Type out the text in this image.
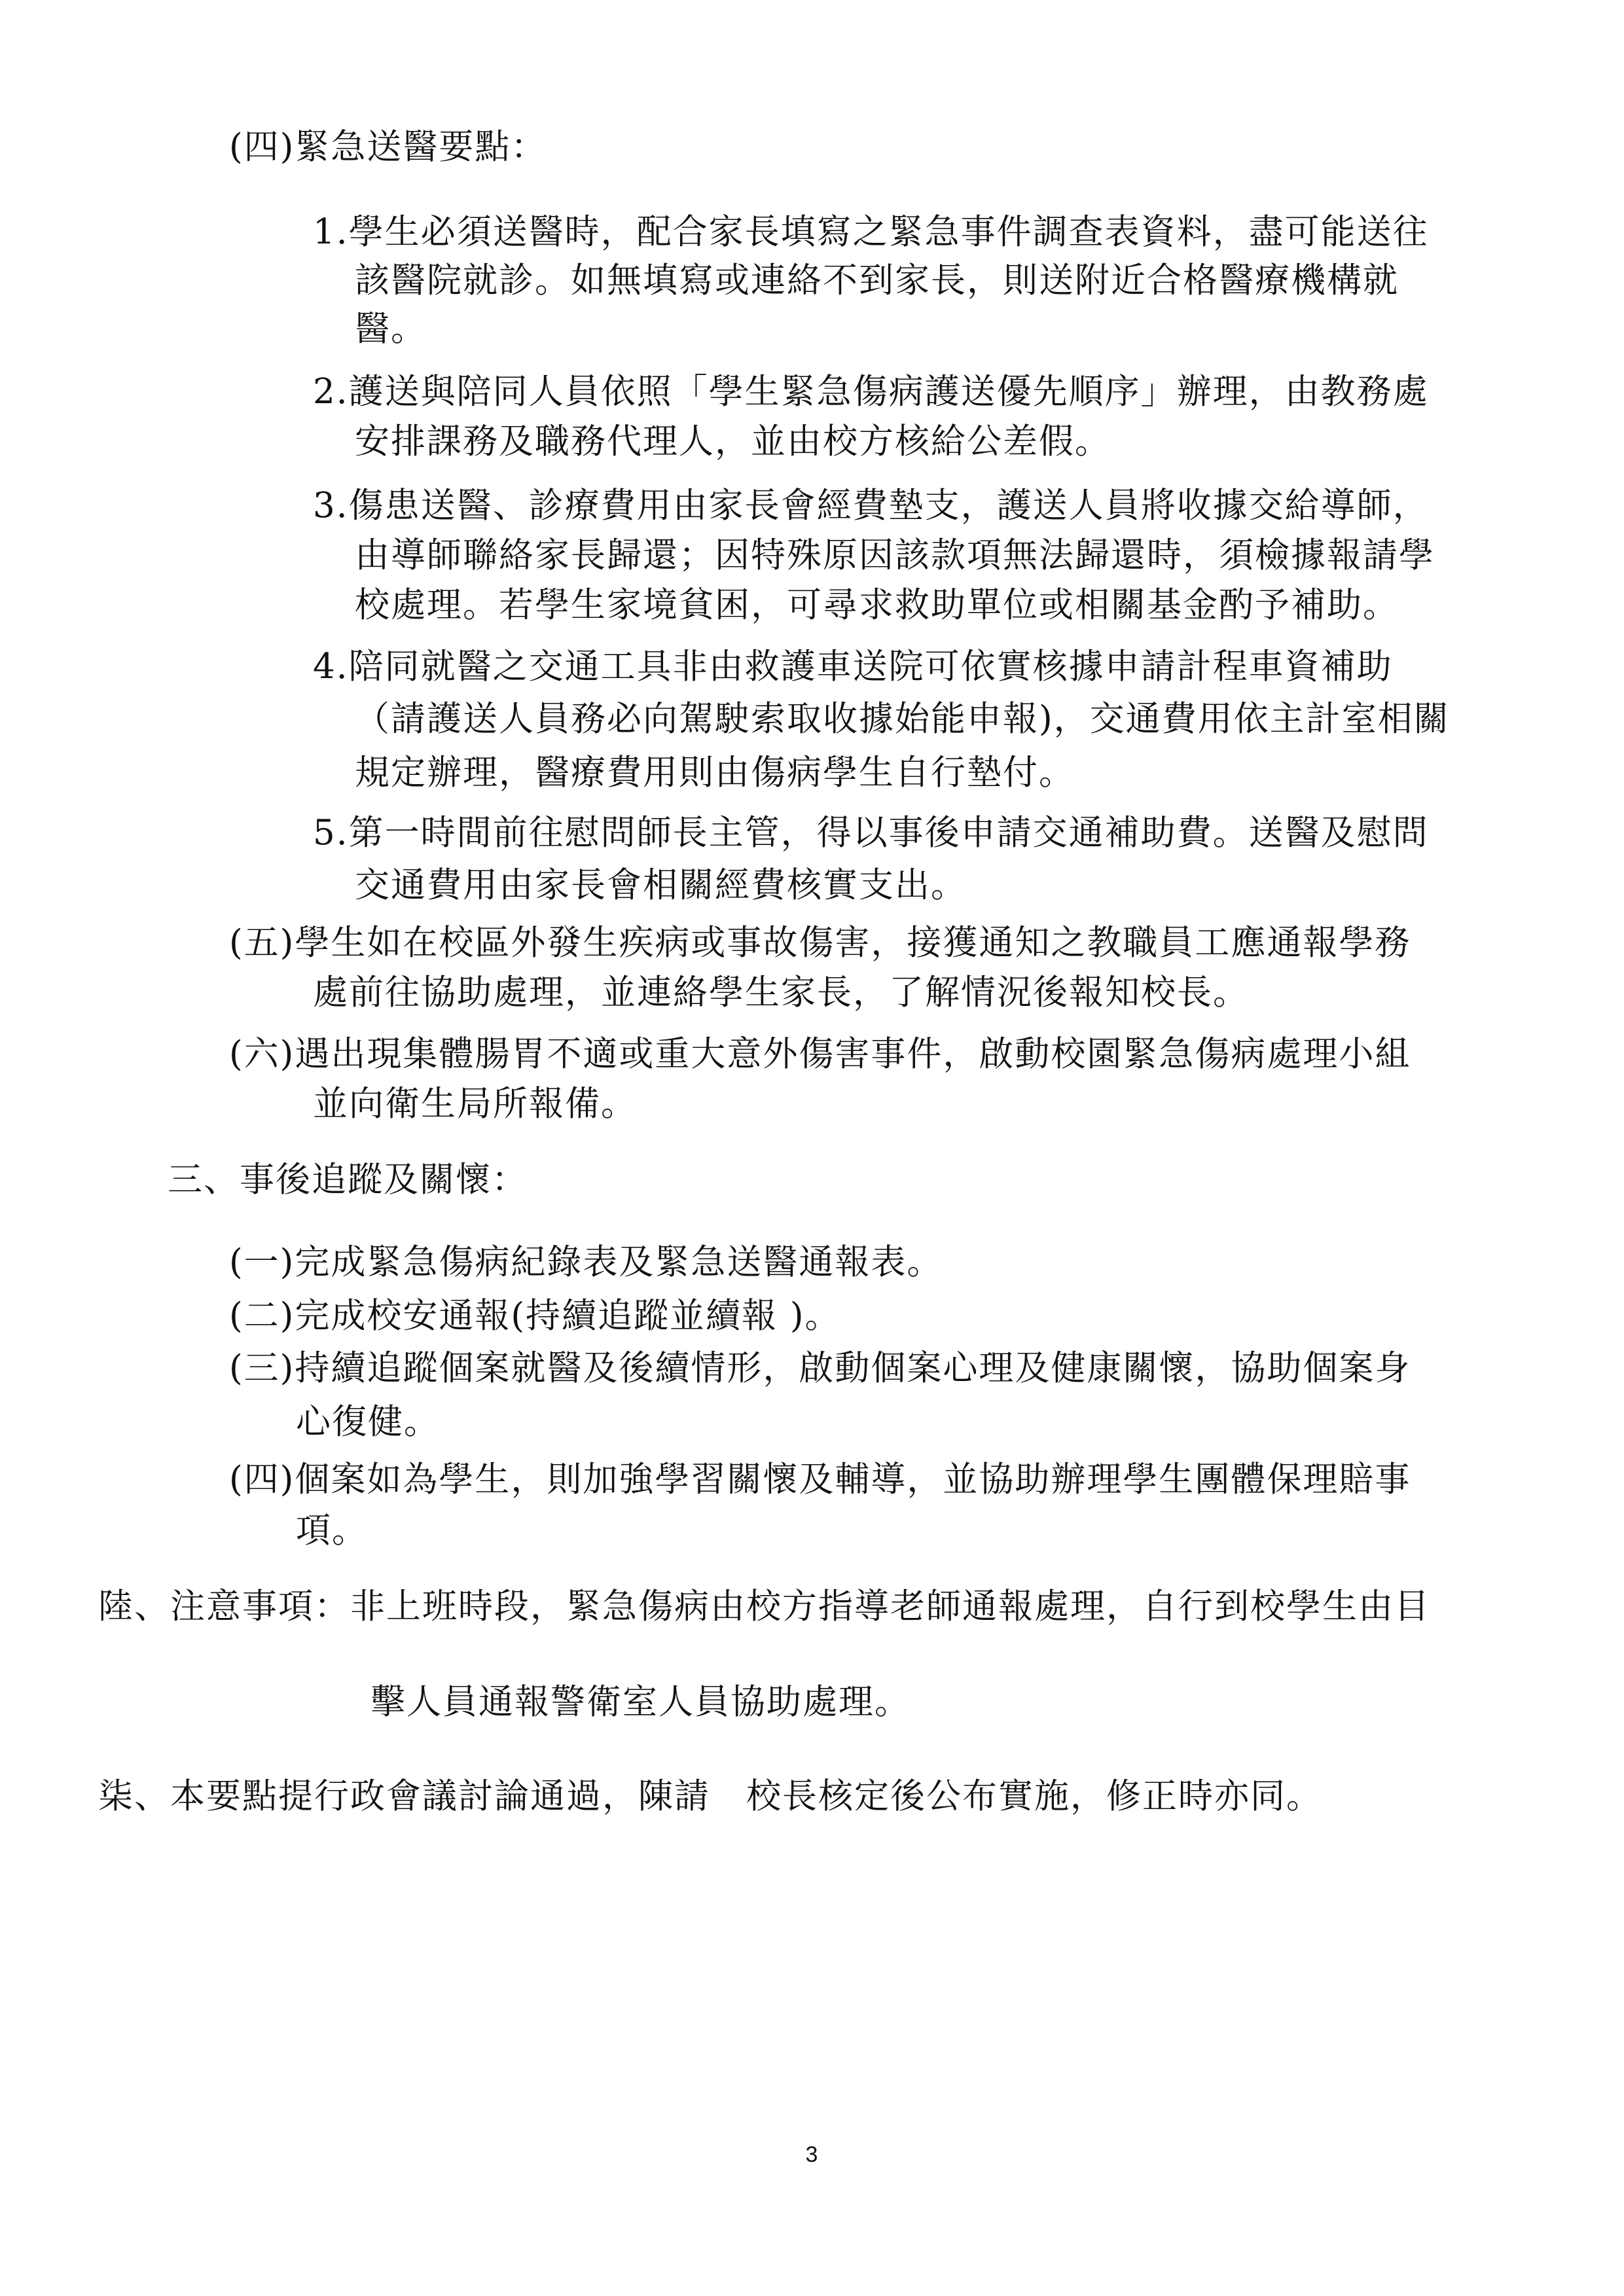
(四)緊急送醫要點：
1.學生必須送醫時，配合家長填寫之緊急事件調查表資料，盡可能送往
該醫院就診。如無填寫或連絡不到家長，則送附近合格醫療機構就
醫。
2.護送與陪同人員依照「學生緊急傷病護送優先順序」辦理，由教務處
安排課務及職務代理人，並由校方核給公差假。
3.傷患送醫、診療費用由家長會經費墊支，護送人員將收據交給導師，
由導師聯絡家長歸還；因特殊原因該款項無法歸還時，須檢據報請學
校處理。若學生家境貧困，可尋求救助單位或相關基金酌予補助。
4.陪同就醫之交通工具非由救護車送院可依實核據申請計程車資補助
（請護送人員務必向駕駛索取收據始能申報)，交通費用依主計室相關
規定辦理，醫療費用則由傷病學生自行墊付。
5.第一時間前往慰問師長主管，得以事後申請交通補助費。送醫及慰問
交通費用由家長會相關經費核實支出。
(五)學生如在校區外發生疾病或事故傷害，接獲通知之教職員工應通報學務
處前往協助處理，並連絡學生家長，了解情況後報知校長。
(六)遇出現集體腸胃不適或重大意外傷害事件，啟動校園緊急傷病處理小組
並向衛生局所報備。
三、事後追蹤及關懷：
(一)完成緊急傷病紀錄表及緊急送醫通報表。
(二)完成校安通報(持續追蹤並續報 )。
(三)持續追蹤個案就醫及後續情形，啟動個案心理及健康關懷，協助個案身
心復健。
(四)個案如為學生，則加強學習關懷及輔導，並協助辦理學生團體保理賠事
項。
陸、注意事項：非上班時段，緊急傷病由校方指導老師通報處理，自行到校學生由目
擊人員通報警衛室人員協助處理。
柒、本要點提行政會議討論通過，陳請　校長核定後公布實施，修正時亦同。
3
